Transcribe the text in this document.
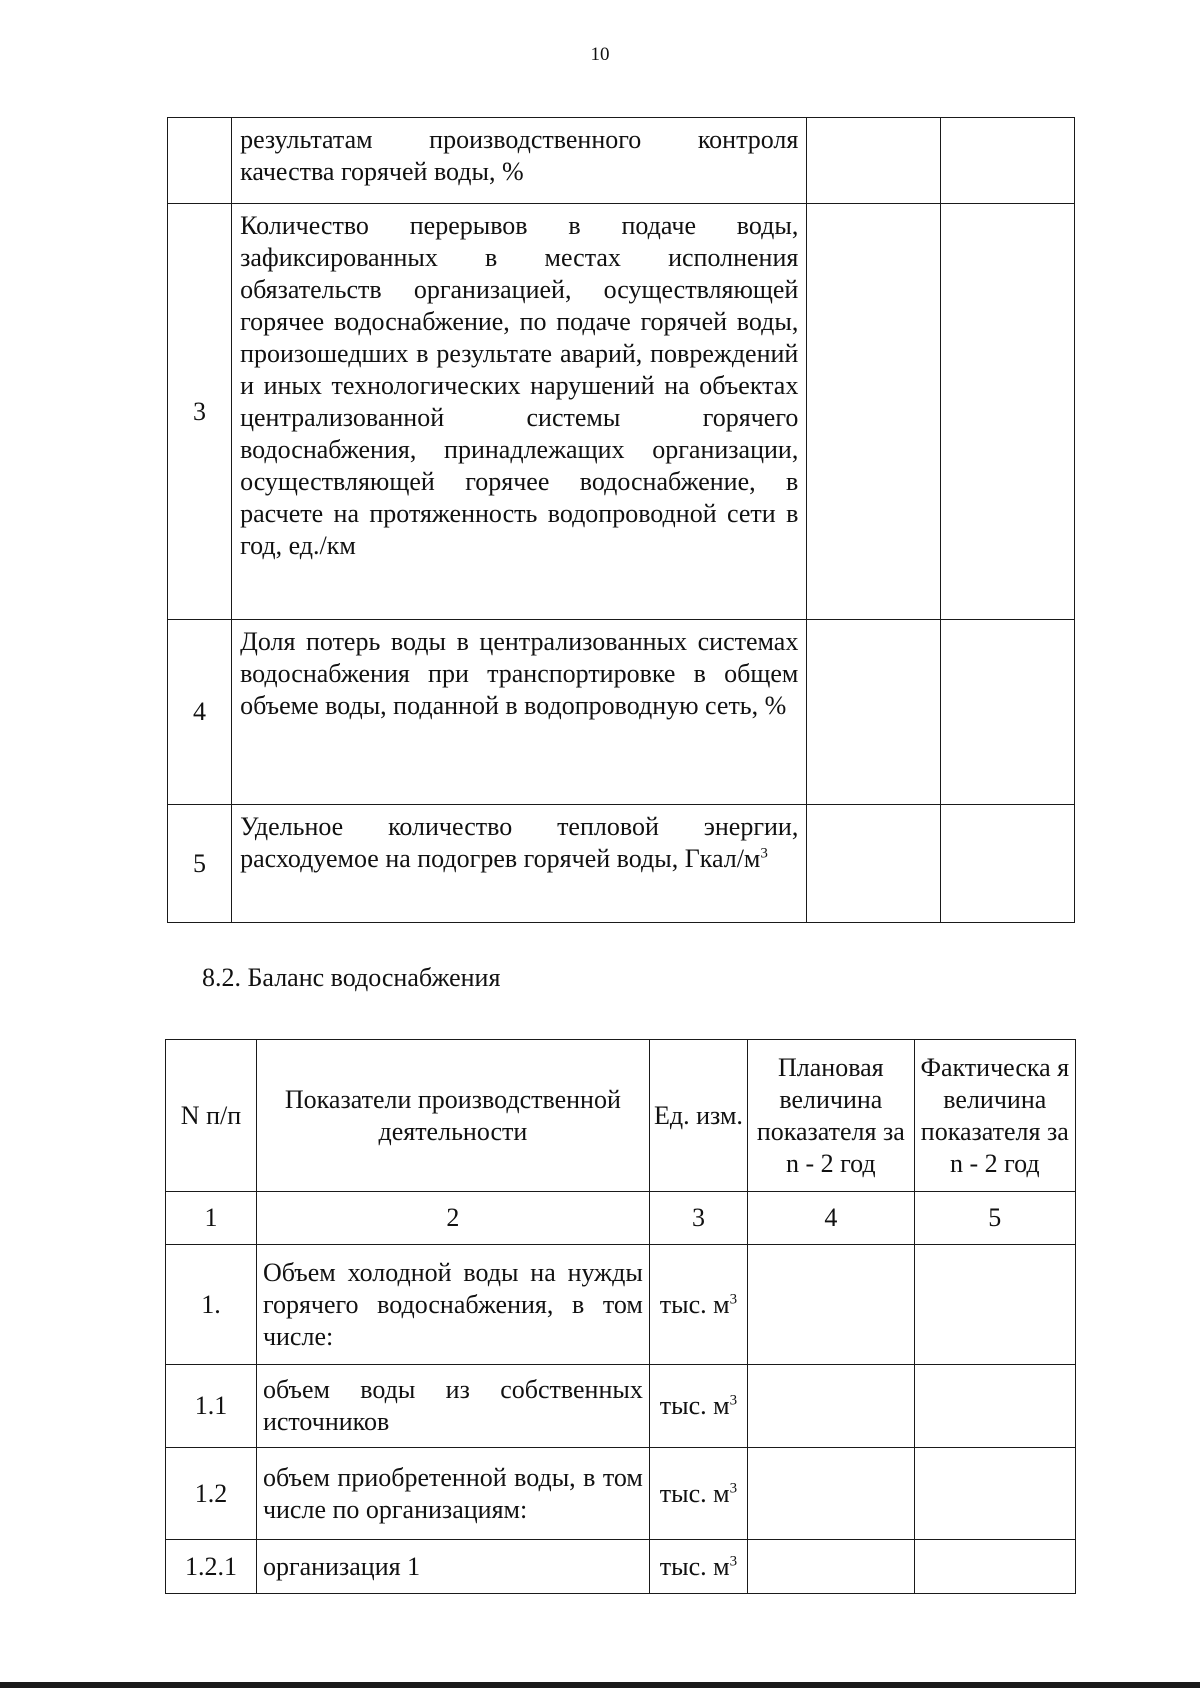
10
	результатам производственного контроля качества горячей воды, %		
3	Количество перерывов в подаче воды, зафиксированных в местах исполнения обязательств организацией, осуществляющей горячее водоснабжение, по подаче горячей воды, произошедших в результате аварий, повреждений и иных технологических нарушений на объектах централизованной системы горячего водоснабжения, принадлежащих организации, осуществляющей горячее водоснабжение, в расчете на протяженность водопроводной сети в год, ед./км		
4	Доля потерь воды в централизованных системах водоснабжения при транспортировке в общем объеме воды, поданной в водопроводную сеть, %		
5	Удельное количество тепловой энергии, расходуемое на подогрев горячей воды, Гкал/$м^3$		
8.2. Баланс водоснабжения
N п/п	Показатели производственной деятельности	Ед. изм.	Плановая величина показателя за n - 2 год	Фактическа я величина показателя за n - 2 год
1	2	3	4	5
1.	Объем холодной воды на нужды горячего водоснабжения, в том числе:	тыс. $м^3$		
1.1	объем воды из собственных источников	тыс. $м^3$		
1.2	объем приобретенной воды, в том числе по организациям:	тыс. $м^3$		
1.2.1	организация 1	тыс. $м^3$		
